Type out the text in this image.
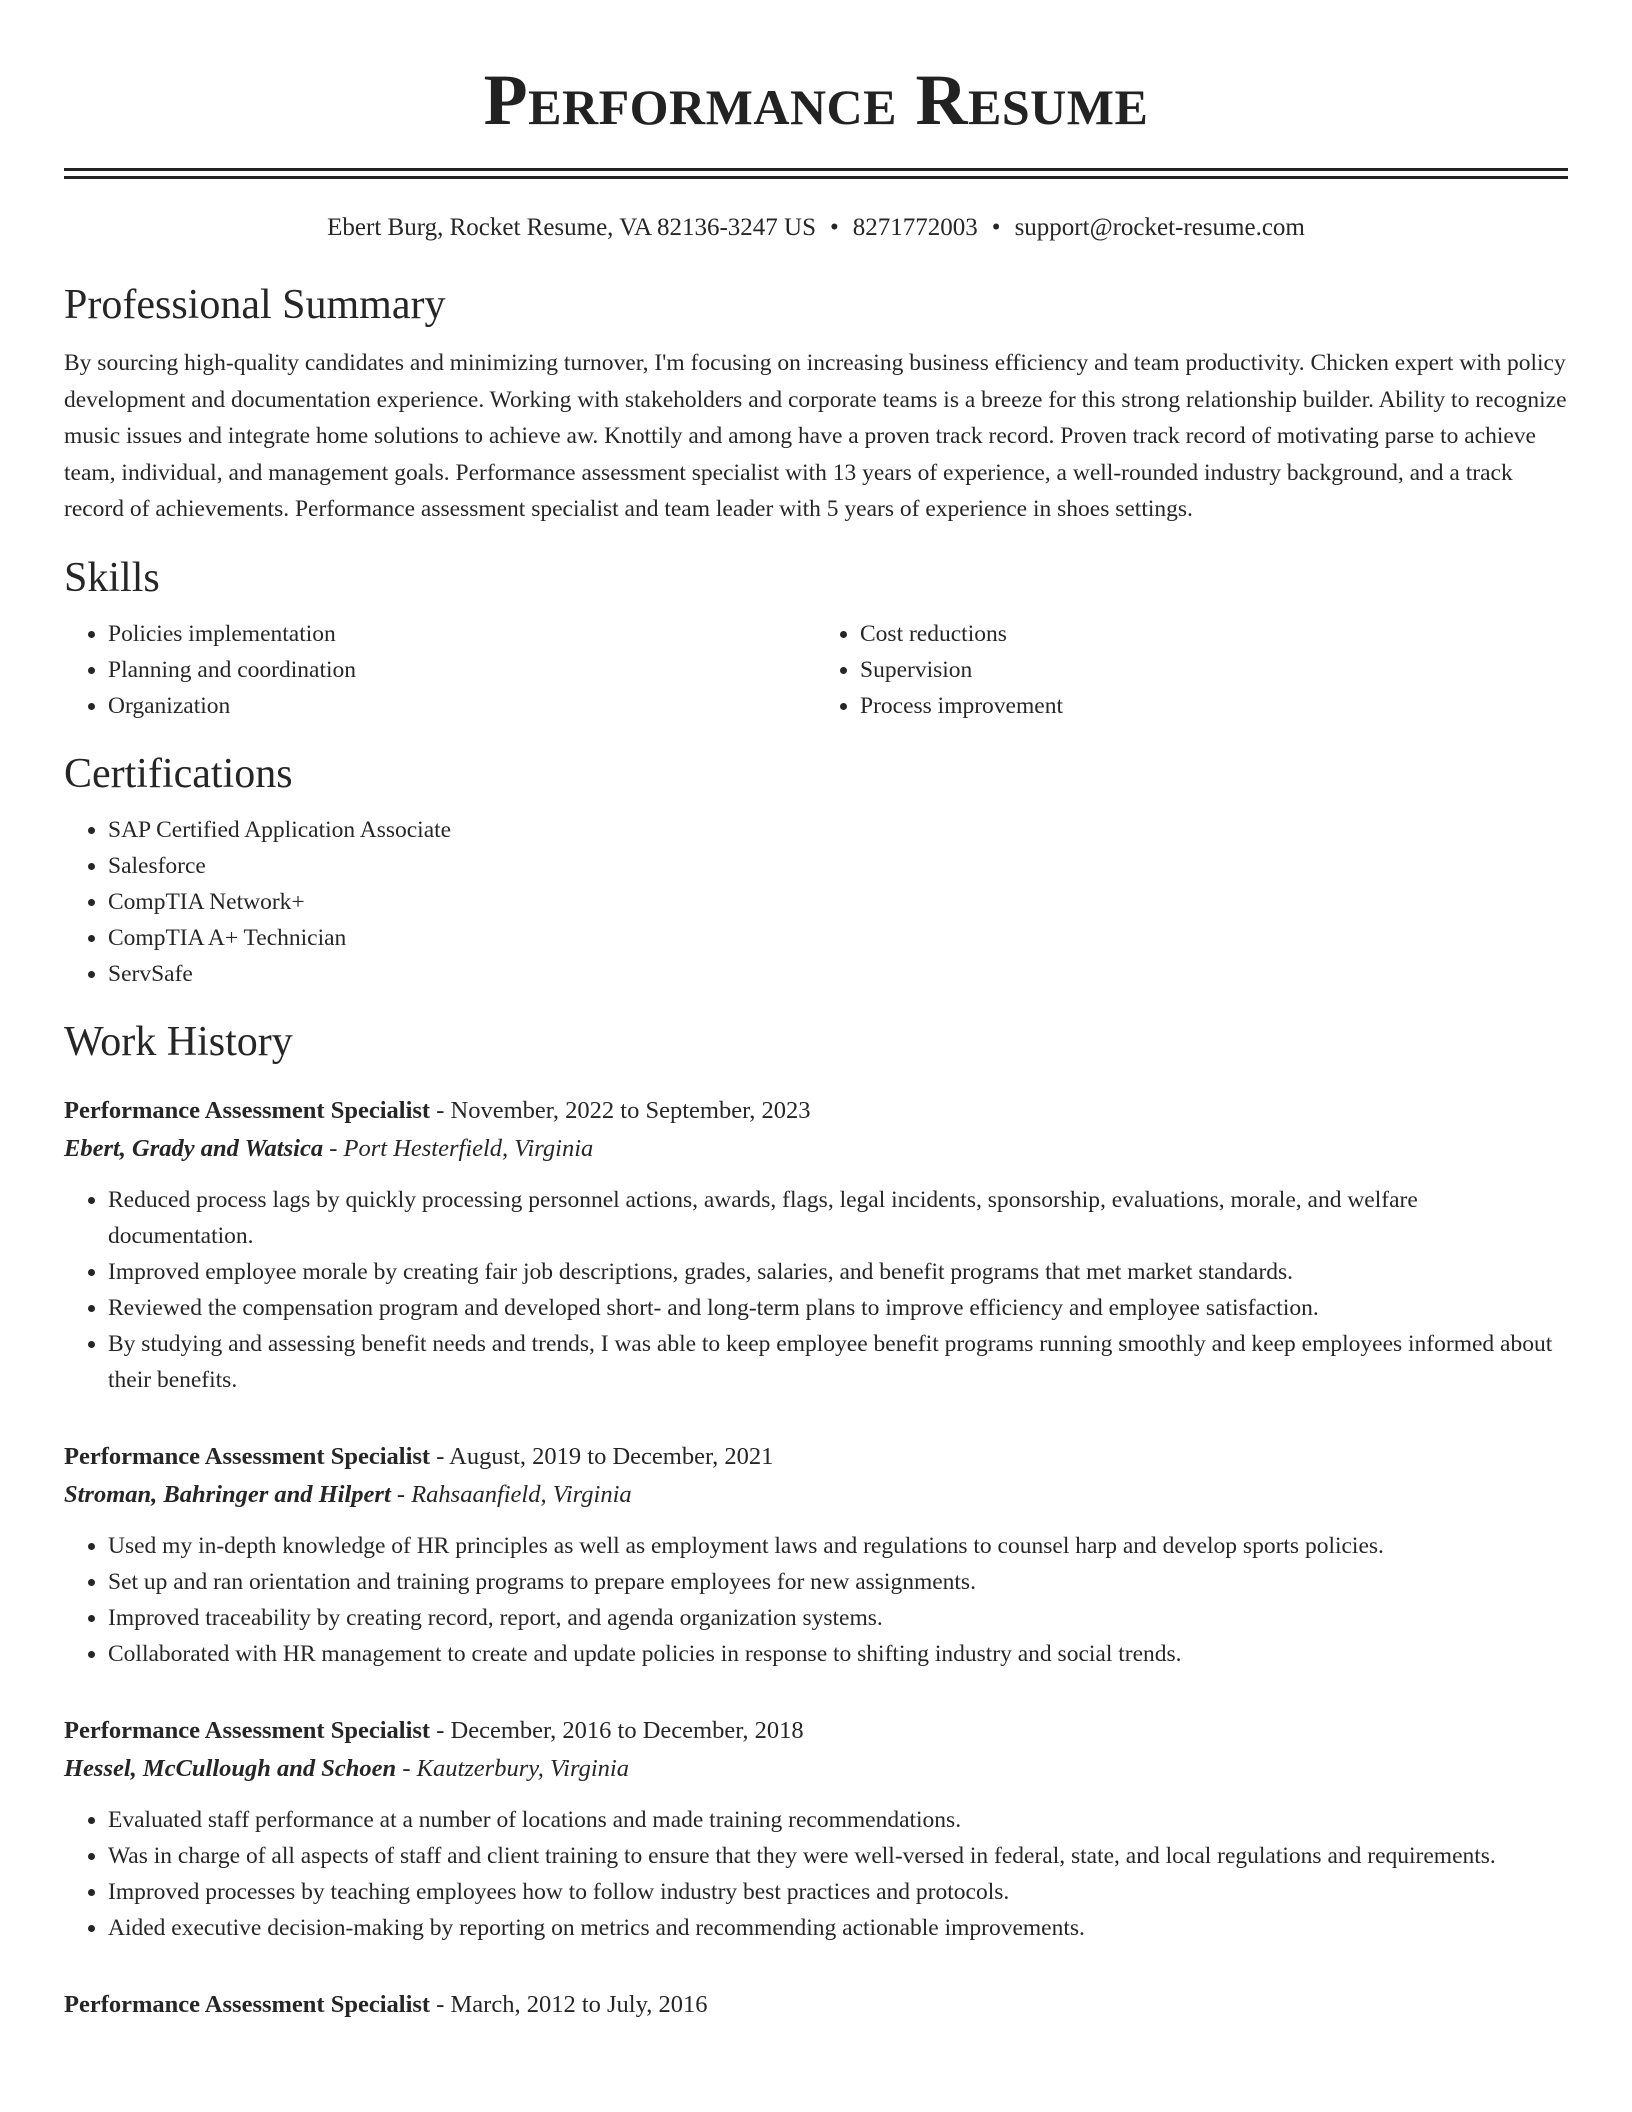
Performance Resume
Ebert Burg, Rocket Resume, VA 82136-3247 US • 8271772003 • support@rocket-resume.com
Professional Summary

By sourcing high-quality candidates and minimizing turnover, I'm focusing on increasing business efficiency and team productivity. Chicken expert with policy development and documentation experience. Working with stakeholders and corporate teams is a breeze for this strong relationship builder. Ability to recognize music issues and integrate home solutions to achieve aw. Knottily and among have a proven track record. Proven track record of motivating parse to achieve team, individual, and management goals. Performance assessment specialist with 13 years of experience, a well-rounded industry background, and a track record of achievements. Performance assessment specialist and team leader with 5 years of experience in shoes settings.

Skills
• Policies implementation
• Planning and coordination
• Organization
• Cost reductions
• Supervision
• Process improvement
Certifications
• SAP Certified Application Associate
• Salesforce
• CompTIA Network+
• CompTIA A+ Technician
• ServSafe
Work History
Performance Assessment Specialist - November, 2022 to September, 2023
Ebert, Grady and Watsica - Port Hesterfield, Virginia
• Reduced process lags by quickly processing personnel actions, awards, flags, legal incidents, sponsorship, evaluations, morale, and welfare documentation.
• Improved employee morale by creating fair job descriptions, grades, salaries, and benefit programs that met market standards.
• Reviewed the compensation program and developed short- and long-term plans to improve efficiency and employee satisfaction.
• By studying and assessing benefit needs and trends, I was able to keep employee benefit programs running smoothly and keep employees informed about their benefits.
Performance Assessment Specialist - August, 2019 to December, 2021
Stroman, Bahringer and Hilpert - Rahsaanfield, Virginia
• Used my in-depth knowledge of HR principles as well as employment laws and regulations to counsel harp and develop sports policies.
• Set up and ran orientation and training programs to prepare employees for new assignments.
• Improved traceability by creating record, report, and agenda organization systems.
• Collaborated with HR management to create and update policies in response to shifting industry and social trends.
Performance Assessment Specialist - December, 2016 to December, 2018
Hessel, McCullough and Schoen - Kautzerbury, Virginia
• Evaluated staff performance at a number of locations and made training recommendations.
• Was in charge of all aspects of staff and client training to ensure that they were well-versed in federal, state, and local regulations and requirements.
• Improved processes by teaching employees how to follow industry best practices and protocols.
• Aided executive decision-making by reporting on metrics and recommending actionable improvements.
Performance Assessment Specialist - March, 2012 to July, 2016
